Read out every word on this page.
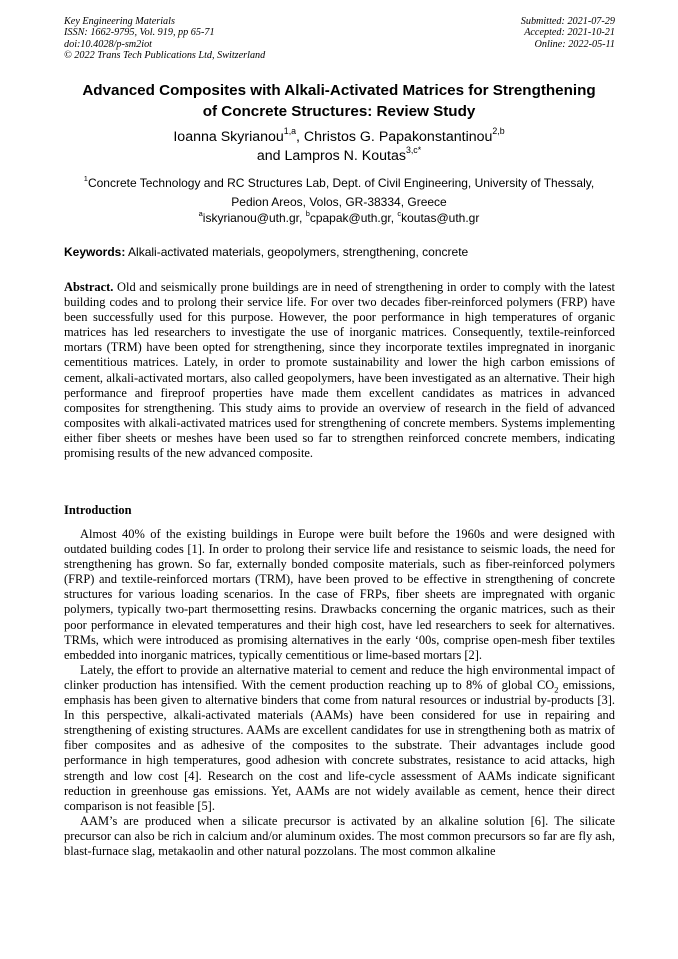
Key Engineering Materials
ISSN: 1662-9795, Vol. 919, pp 65-71
doi:10.4028/p-sm2iot
© 2022 Trans Tech Publications Ltd, Switzerland
Submitted: 2021-07-29
Accepted: 2021-10-21
Online: 2022-05-11
Advanced Composites with Alkali-Activated Matrices for Strengthening
of Concrete Structures: Review Study
Ioanna Skyrianou$^{1,a}$, Christos G. Papakonstantinou$^{2,b}$
and Lampros N. Koutas$^{3,c*}$
$^1$Concrete Technology and RC Structures Lab, Dept. of Civil Engineering, University of Thessaly,
Pedion Areos, Volos, GR-38334, Greece
$^a$iskyrianou@uth.gr, $^b$cpapak@uth.gr, $^c$koutas@uth.gr
Keywords: Alkali-activated materials, geopolymers, strengthening, concrete

Abstract. Old and seismically prone buildings are in need of strengthening in order to comply with the latest building codes and to prolong their service life. For over two decades fiber-reinforced polymers (FRP) have been successfully used for this purpose. However, the poor performance in high temperatures of organic matrices has led researchers to investigate the use of inorganic matrices. Consequently, textile-reinforced mortars (TRM) have been opted for strengthening, since they incorporate textiles impregnated in inorganic cementitious matrices. Lately, in order to promote sustainability and lower the high carbon emissions of cement, alkali-activated mortars, also called geopolymers, have been investigated as an alternative. Their high performance and fireproof properties have made them excellent candidates as matrices in advanced composites for strengthening. This study aims to provide an overview of research in the field of advanced composites with alkali-activated matrices used for strengthening of concrete members. Systems implementing either fiber sheets or meshes have been used so far to strengthen reinforced concrete members, indicating promising results of the new advanced composite.

Introduction

Almost 40% of the existing buildings in Europe were built before the 1960s and were designed with outdated building codes [1]. In order to prolong their service life and resistance to seismic loads, the need for strengthening has grown. So far, externally bonded composite materials, such as fiber-reinforced polymers (FRP) and textile-reinforced mortars (TRM), have been proved to be effective in strengthening of concrete structures for various loading scenarios. In the case of FRPs, fiber sheets are impregnated with organic polymers, typically two-part thermosetting resins. Drawbacks concerning the organic matrices, such as their poor performance in elevated temperatures and their high cost, have led researchers to seek for alternatives. TRMs, which were introduced as promising alternatives in the early ‘00s, comprise open-mesh fiber textiles embedded into inorganic matrices, typically cementitious or lime-based mortars [2].

Lately, the effort to provide an alternative material to cement and reduce the high environmental impact of clinker production has intensified. With the cement production reaching up to 8% of global $CO_2$ emissions, emphasis has been given to alternative binders that come from natural resources or industrial by-products [3]. In this perspective, alkali-activated materials (AAMs) have been considered for use in repairing and strengthening of existing structures. AAMs are excellent candidates for use in strengthening both as matrix of fiber composites and as adhesive of the composites to the substrate. Their advantages include good performance in high temperatures, good adhesion with concrete substrates, resistance to acid attacks, high strength and low cost [4]. Research on the cost and life-cycle assessment of AAMs indicate significant reduction in greenhouse gas emissions. Yet, AAMs are not widely available as cement, hence their direct comparison is not feasible [5].

AAM’s are produced when a silicate precursor is activated by an alkaline solution [6]. The silicate precursor can also be rich in calcium and/or aluminum oxides. The most common precursors so far are fly ash, blast-furnace slag, metakaolin and other natural pozzolans. The most common alkaline
